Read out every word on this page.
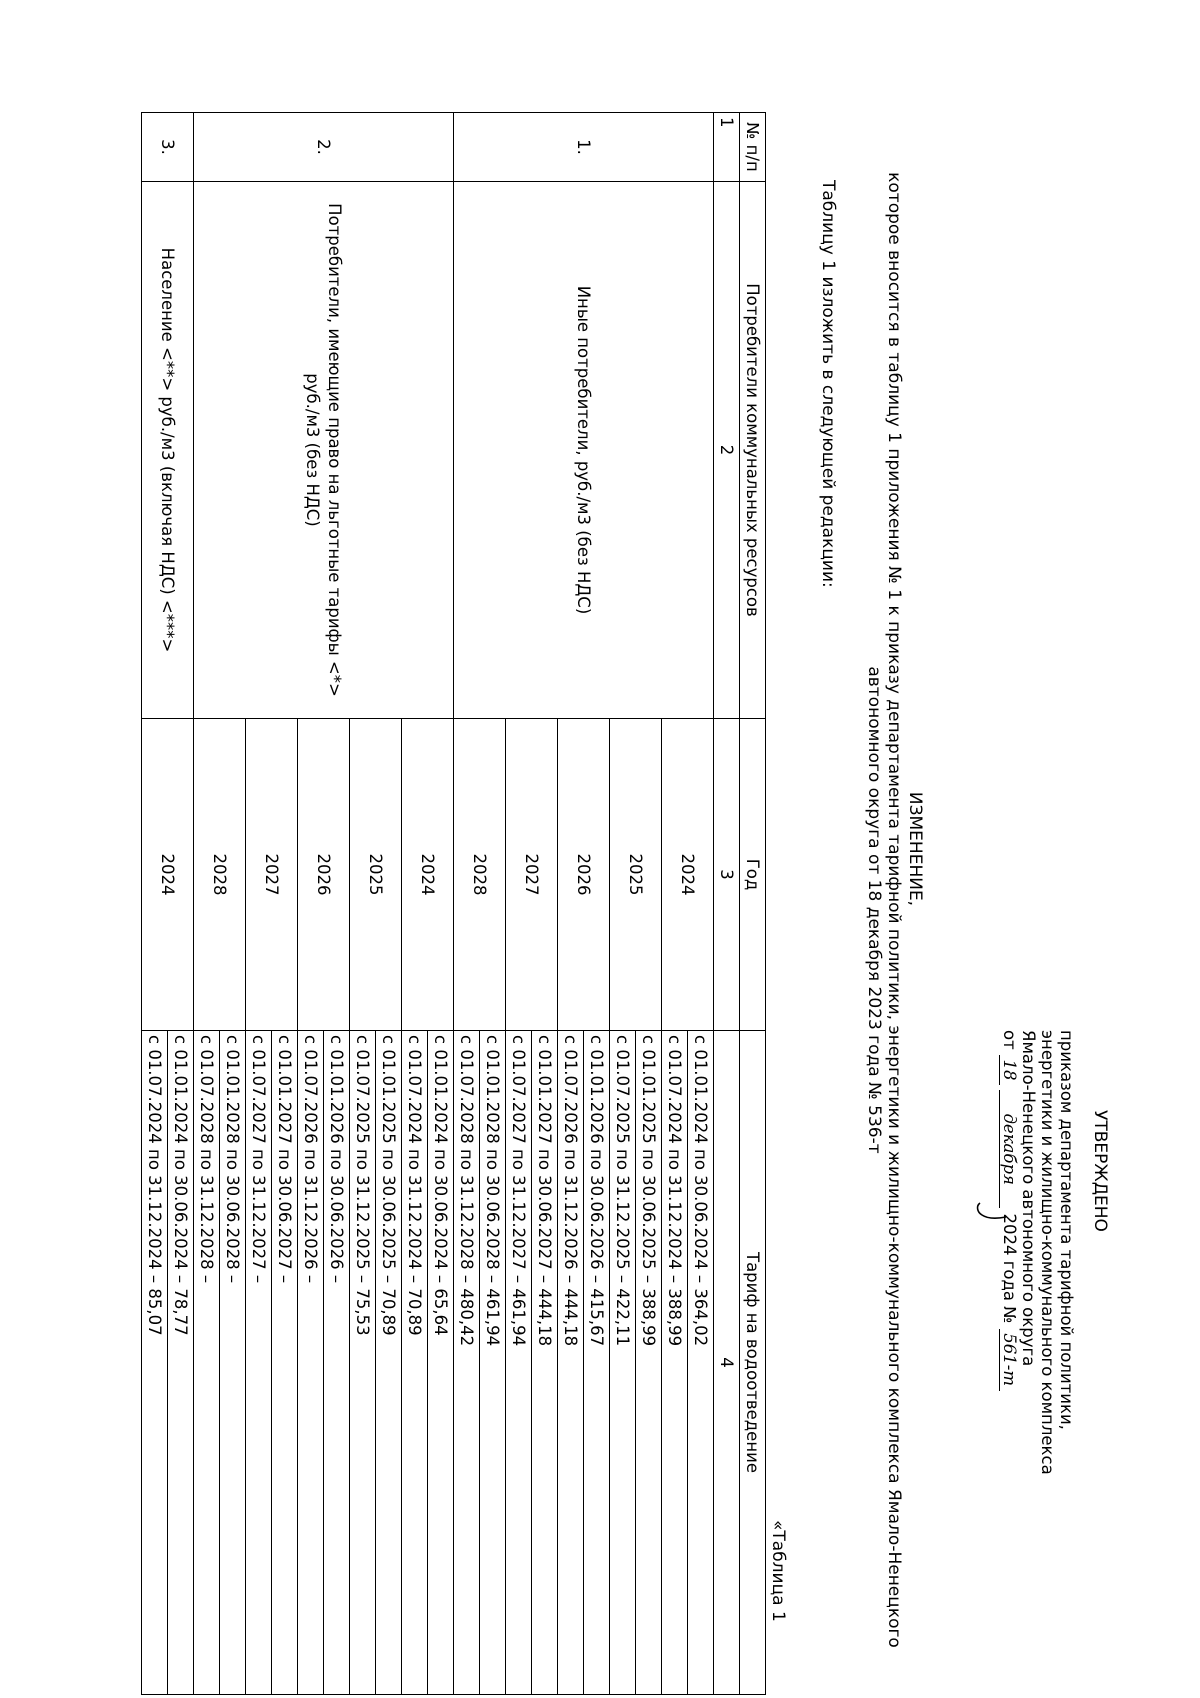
УТВЕРЖДЕНО
приказом департамента тарифной политики,
энергетики и жилищно-коммунального комплекса
Ямало-Ненецкого автономного округа
от 18 декабря 2024 года № 561-т
ИЗМЕНЕНИЕ,
которое вносится в таблицу 1 приложения № 1 к приказу департамента тарифной политики, энергетики и жилищно-коммунального комплекса Ямало-Ненецкого автономного округа от 18 декабря 2023 года № 536-т
Таблицу 1 изложить в следующей редакции:
«Таблица 1
№ п/п	Потребители коммунальных ресурсов	Год	Тариф на водоотведение
1	2	3	4
1.	Иные потребители, руб./м3 (без НДС)	2024	с 01.01.2024 по 30.06.2024 – 364,02
			с 01.07.2024 по 31.12.2024 – 388,99
		2025	с 01.01.2025 по 30.06.2025 – 388,99
			с 01.07.2025 по 31.12.2025 – 422,11
		2026	с 01.01.2026 по 30.06.2026 – 415,67
			с 01.07.2026 по 31.12.2026 – 444,18
		2027	с 01.01.2027 по 30.06.2027 – 444,18
			с 01.07.2027 по 31.12.2027 – 461,94
		2028	с 01.01.2028 по 30.06.2028 – 461,94
			с 01.07.2028 по 31.12.2028 – 480,42
2.	Потребители, имеющие право на льготные тарифы <*> руб./м3 (без НДС)	2024	с 01.01.2024 по 30.06.2024 – 65,64
			с 01.07.2024 по 31.12.2024 – 70,89
		2025	с 01.01.2025 по 30.06.2025 – 70,89
			с 01.07.2025 по 31.12.2025 – 75,53
		2026	с 01.01.2026 по 30.06.2026 –
			с 01.07.2026 по 31.12.2026 –
		2027	с 01.01.2027 по 30.06.2027 –
			с 01.07.2027 по 31.12.2027 –
		2028	с 01.01.2028 по 30.06.2028 –
			с 01.07.2028 по 31.12.2028 –
3.	Население <**> руб./м3 (включая НДС) <***>	2024	с 01.01.2024 по 30.06.2024 – 78,77
			с 01.07.2024 по 31.12.2024 – 85,07
